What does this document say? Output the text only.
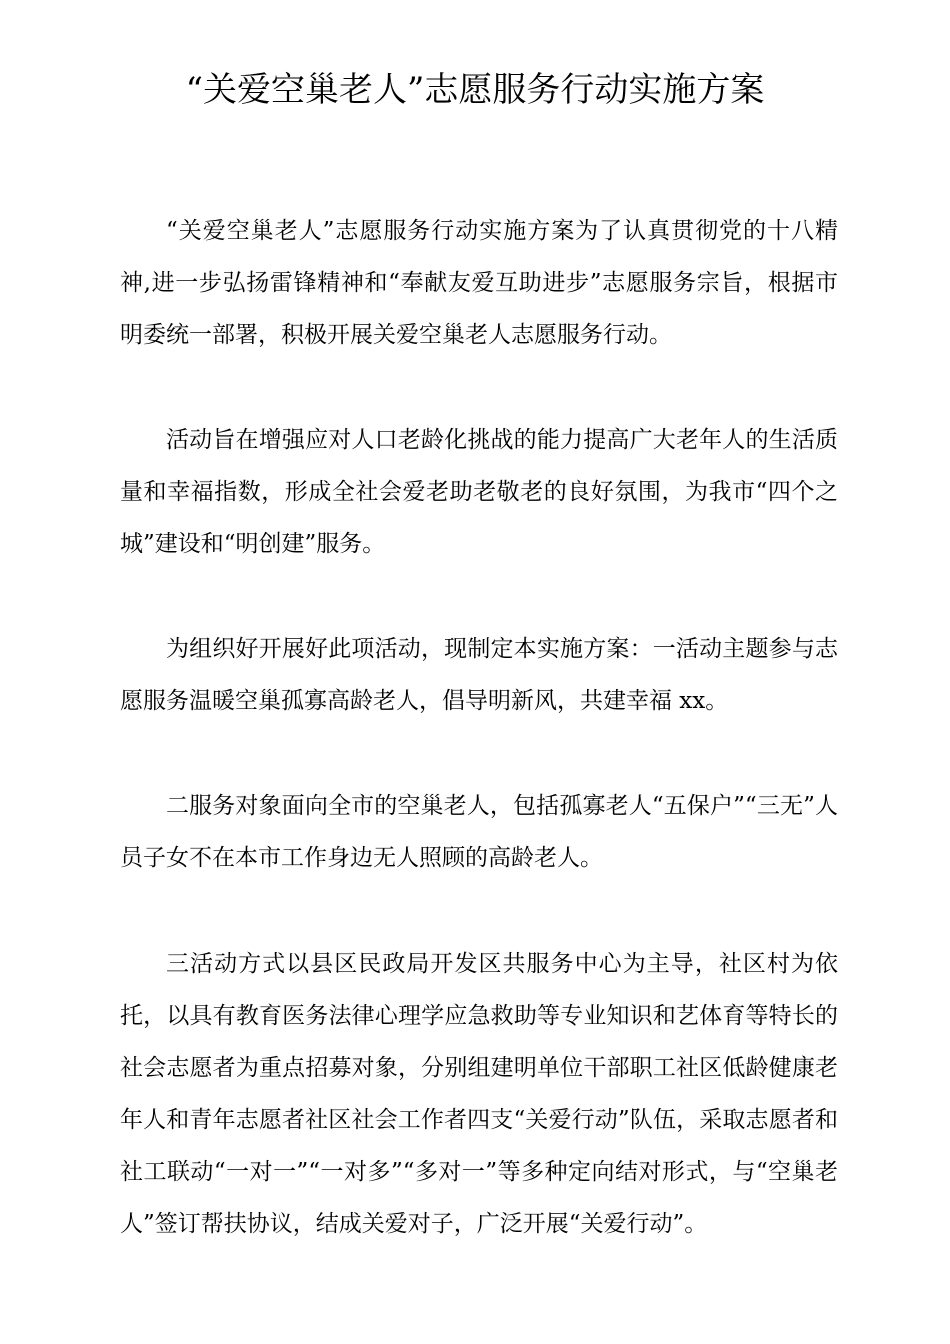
“关爱空巢老人”志愿服务行动实施方案

“关爱空巢老人”志愿服务行动实施方案为了认真贯彻党的十八精神,进一步弘扬雷锋精神和“奉献友爱互助进步”志愿服务宗旨，根据市明委统一部署，积极开展关爱空巢老人志愿服务行动。

活动旨在增强应对人口老龄化挑战的能力提高广大老年人的生活质量和幸福指数，形成全社会爱老助老敬老的良好氛围，为我市“四个之城”建设和“明创建”服务。

为组织好开展好此项活动，现制定本实施方案：一活动主题参与志愿服务温暖空巢孤寡高龄老人，倡导明新风，共建幸福 xx。

二服务对象面向全市的空巢老人，包括孤寡老人“五保户”“三无”人员子女不在本市工作身边无人照顾的高龄老人。

三活动方式以县区民政局开发区共服务中心为主导，社区村为依托，以具有教育医务法律心理学应急救助等专业知识和艺体育等特长的社会志愿者为重点招募对象，分别组建明单位干部职工社区低龄健康老年人和青年志愿者社区社会工作者四支“关爱行动”队伍，采取志愿者和社工联动“一对一”“一对多”“多对一”等多种定向结对形式，与“空巢老人”签订帮扶协议，结成关爱对子，广泛开展“关爱行动”。
